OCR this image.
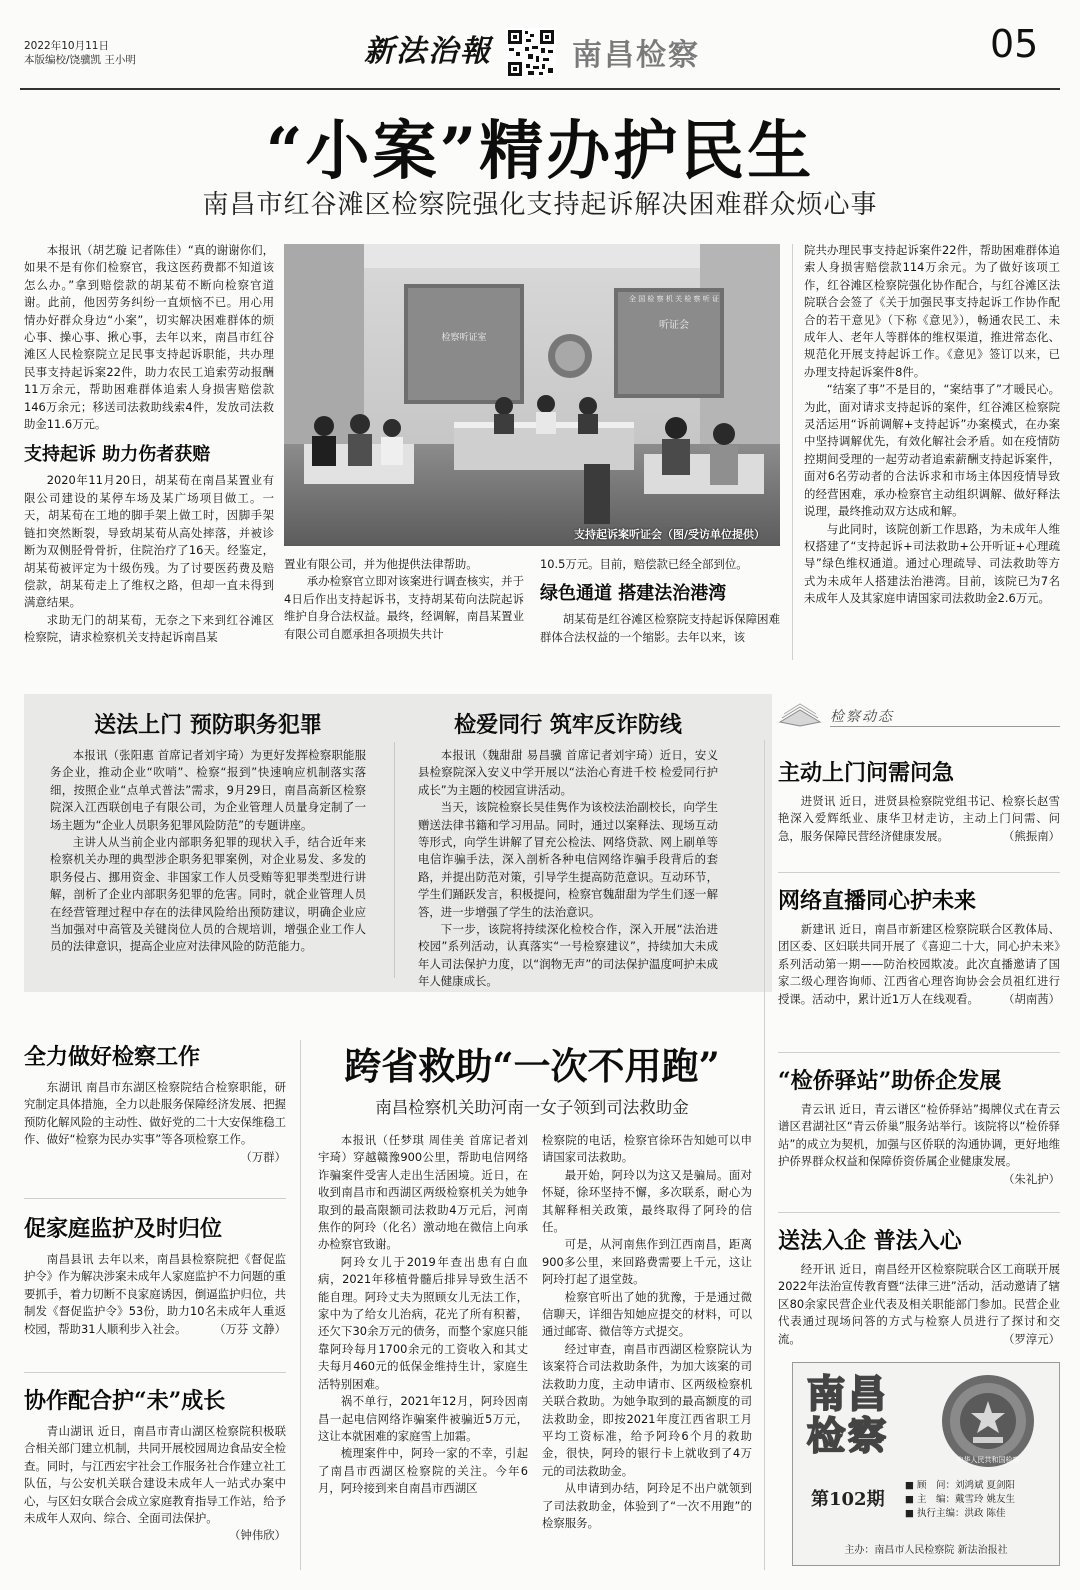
2022年10月11日
本版编校/饶骥凯 王小明	新法治報	南昌检察	05
“小案”精办护民生
南昌市红谷滩区检察院强化支持起诉解决困难群众烦心事

本报讯（胡艺璇 记者陈佳）“真的谢谢你们，如果不是有你们检察官，我这医药费都不知道该怎么办。”拿到赔偿款的胡某荀不断向检察官道谢。此前，他因劳务纠纷一直烦恼不已。用心用情办好群众身边“小案”，切实解决困难群体的烦心事、操心事、揪心事，去年以来，南昌市红谷滩区人民检察院立足民事支持起诉职能，共办理民事支持起诉案22件，助力农民工追索劳动报酬11万余元，帮助困难群体追索人身损害赔偿款146万余元；移送司法救助线索4件，发放司法救助金11.6万元。

支持起诉 助力伤者获赔

2020年11月20日，胡某荀在南昌某置业有限公司建设的某停车场及某广场项目做工。一天，胡某荀在工地的脚手架上做工时，因脚手架链扣突然断裂，导致胡某荀从高处摔落，并被诊断为双侧胫骨骨折，住院治疗了16天。经鉴定，胡某荀被评定为十级伤残。为了讨要医药费及赔偿款，胡某荀走上了维权之路，但却一直未得到满意结果。

求助无门的胡某荀，无奈之下来到红谷滩区检察院，请求检察机关支持起诉南昌某

全 国 检 察 机 关 检 察 听 证
听证会
检察听证室
支持起诉案听证会（图/受访单位提供）

置业有限公司，并为他提供法律帮助。

承办检察官立即对该案进行调查核实，并于4日后作出支持起诉书，支持胡某荀向法院起诉维护自身合法权益。最终，经调解，南昌某置业有限公司自愿承担各项损失共计

10.5万元。目前，赔偿款已经全部到位。

绿色通道 搭建法治港湾

胡某荀是红谷滩区检察院支持起诉保障困难群体合法权益的一个缩影。去年以来，该

院共办理民事支持起诉案件22件，帮助困难群体追索人身损害赔偿款114万余元。为了做好该项工作，红谷滩区检察院强化协作配合，与红谷滩区法院联合会签了《关于加强民事支持起诉工作协作配合的若干意见》（下称《意见》），畅通农民工、未成年人、老年人等群体的维权渠道，推进常态化、规范化开展支持起诉工作。《意见》签订以来，已办理支持起诉案件8件。

“结案了事”不是目的，“案结事了”才暖民心。为此，面对请求支持起诉的案件，红谷滩区检察院灵活运用“诉前调解+支持起诉”办案模式，在办案中坚持调解优先，有效化解社会矛盾。如在疫情防控期间受理的一起劳动者追索薪酬支持起诉案件，面对6名劳动者的合法诉求和市场主体因疫情导致的经营困难，承办检察官主动组织调解、做好释法说理，最终推动双方达成和解。

与此同时，该院创新工作思路，为未成年人维权搭建了“支持起诉+司法救助+公开听证+心理疏导”绿色维权通道。通过心理疏导、司法救助等方式为未成年人搭建法治港湾。目前，该院已为7名未成年人及其家庭申请国家司法救助金2.6万元。

送法上门 预防职务犯罪

本报讯（张阳惠 首席记者刘宇琦）为更好发挥检察职能服务企业，推动企业“吹哨”、检察“报到”快速响应机制落实落细，按照企业“点单式普法”需求，9月29日，南昌高新区检察院深入江西联创电子有限公司，为企业管理人员量身定制了一场主题为“企业人员职务犯罪风险防范”的专题讲座。

主讲人从当前企业内部职务犯罪的现状入手，结合近年来检察机关办理的典型涉企职务犯罪案例，对企业易发、多发的职务侵占、挪用资金、非国家工作人员受贿等犯罪类型进行讲解，剖析了企业内部职务犯罪的危害。同时，就企业管理人员在经营管理过程中存在的法律风险给出预防建议，明确企业应当加强对中高管及关键岗位人员的合规培训，增强企业工作人员的法律意识，提高企业应对法律风险的防范能力。

检爱同行 筑牢反诈防线

本报讯（魏甜甜 易昌骥 首席记者刘宇琦）近日，安义县检察院深入安义中学开展以“法治心育进千校 检爱同行护成长”为主题的校园宣讲活动。

当天，该院检察长吴佳隽作为该校法治副校长，向学生赠送法律书籍和学习用品。同时，通过以案释法、现场互动等形式，向学生讲解了冒充公检法、网络贷款、网上刷单等电信诈骗手法，深入剖析各种电信网络诈骗手段背后的套路，并提出防范对策，引导学生提高防范意识。互动环节，学生们踊跃发言，积极提问，检察官魏甜甜为学生们逐一解答，进一步增强了学生的法治意识。

下一步，该院将持续深化检校合作，深入开展“法治进校园”系列活动，认真落实“一号检察建议”，持续加大未成年人司法保护力度，以“润物无声”的司法保护温度呵护未成年人健康成长。

检察动态
主动上门问需问急

进贤讯 近日，进贤县检察院党组书记、检察长赵雪艳深入爱辉纸业、康华卫材走访，主动上门问需、问急，服务保障民营经济健康发展。	（熊振南）

网络直播同心护未来

新建讯 近日，南昌市新建区检察院联合区教体局、团区委、区妇联共同开展了《喜迎二十大，同心护未来》系列活动第一期——防治校园欺凌。此次直播邀请了国家二级心理咨询师、江西省心理咨询协会会员祖红进行授课。活动中，累计近1万人在线观看。	（胡南茜）

“检侨驿站”助侨企发展

青云讯 近日，青云谱区“检侨驿站”揭牌仪式在青云谱区君湖社区“青云侨巢”服务站举行。该院将以“检侨驿站”的成立为契机，加强与区侨联的沟通协调，更好地维护侨界群众权益和保障侨资侨属企业健康发展。
（朱礼护）

送法入企 普法入心

经开讯 近日，南昌经开区检察院联合区工商联开展2022年法治宣传教育暨“法律三进”活动，活动邀请了辖区80余家民营企业代表及相关职能部门参加。民营企业代表通过现场问答的方式与检察人员进行了探讨和交流。	（罗淳元）

全力做好检察工作

东湖讯 南昌市东湖区检察院结合检察职能，研究制定具体措施，全力以赴服务保障经济发展、把握预防化解风险的主动性、做好党的二十大安保维稳工作、做好“检察为民办实事”等各项检察工作。
（万群）

促家庭监护及时归位

南昌县讯 去年以来，南昌县检察院把《督促监护令》作为解决涉案未成年人家庭监护不力问题的重要抓手，着力切断不良家庭诱因，倒逼监护归位，共制发《督促监护令》53份，助力10名未成年人重返校园，帮助31人顺利步入社会。	（万芬 文静）

协作配合护“未”成长

青山湖讯 近日，南昌市青山湖区检察院积极联合相关部门建立机制，共同开展校园周边食品安全检查。同时，与江西宏宇社会工作服务社合作建立社工队伍，与公安机关联合建设未成年人一站式办案中心，与区妇女联合会成立家庭教育指导工作站，给予未成年人双向、综合、全面司法保护。
（钟伟欣）

跨省救助“一次不用跑”
南昌检察机关助河南一女子领到司法救助金

本报讯（任梦琪 周佳美 首席记者刘宇琦）穿越赣豫900公里，帮助电信网络诈骗案件受害人走出生活困境。近日，在收到南昌市和西湖区两级检察机关为她争取到的最高限额司法救助4万元后，河南焦作的阿玲（化名）激动地在微信上向承办检察官致谢。

阿玲女儿于2019年查出患有白血病，2021年移植骨髓后排异导致生活不能自理。阿玲丈夫为照顾女儿无法工作，家中为了给女儿治病，花光了所有积蓄，还欠下30余万元的债务，而整个家庭只能靠阿玲每月1700余元的工资收入和其丈夫每月460元的低保金维持生计，家庭生活特别困难。

祸不单行，2021年12月，阿玲因南昌一起电信网络诈骗案件被骗近5万元，这让本就困难的家庭雪上加霜。

梳理案件中，阿玲一家的不幸，引起了南昌市西湖区检察院的关注。今年6月，阿玲接到来自南昌市西湖区

检察院的电话，检察官徐环告知她可以申请国家司法救助。

最开始，阿玲以为这又是骗局。面对怀疑，徐环坚持不懈，多次联系，耐心为其解释相关政策，最终取得了阿玲的信任。

可是，从河南焦作到江西南昌，距离900多公里，来回路费需要上千元，这让阿玲打起了退堂鼓。

检察官听出了她的犹豫，于是通过微信聊天，详细告知她应提交的材料，可以通过邮寄、微信等方式提交。

经过审查，南昌市西湖区检察院认为该案符合司法救助条件，为加大该案的司法救助力度，主动申请市、区两级检察机关联合救助。为她争取到的最高额度的司法救助金，即按2021年度江西省职工月平均工资标准，给予阿玲6个月的救助金，很快，阿玲的银行卡上就收到了4万元的司法救助金。

从申请到办结，阿玲足不出户就领到了司法救助金，体验到了“一次不用跑”的检察服务。

南昌
检察
中华人民共和国检察
第102期
■ 顾　问：刘鸿斌 夏剑阳
■ 主　编：戴雪玲 姚友生
■ 执行主编：洪政 陈佳
主办：南昌市人民检察院 新法治报社
